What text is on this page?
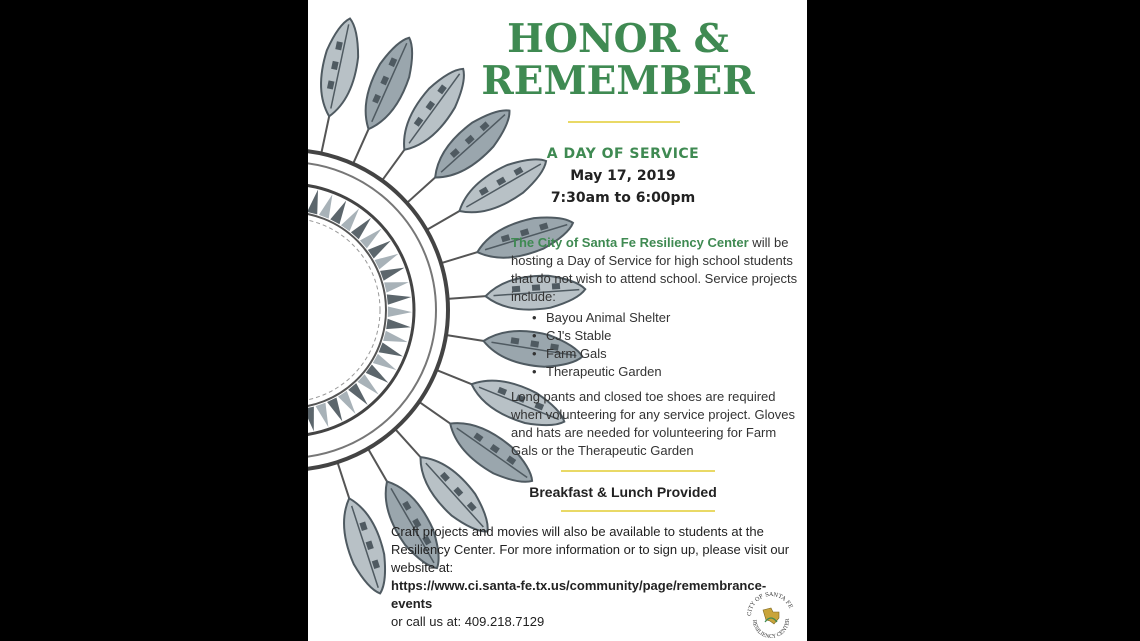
HONOR &
REMEMBER
A DAY OF SERVICE
May 17, 2019
7:30am to 6:00pm
The City of Santa Fe Resiliency Center will be hosting a Day of Service for high school students that do not wish to attend school. Service projects include:
• Bayou Animal Shelter
• CJ's Stable
• Farm Gals
• Therapeutic Garden
Long pants and closed toe shoes are required when volunteering for any service project. Gloves and hats are needed for volunteering for Farm Gals or the Therapeutic Garden
Breakfast & Lunch Provided
Craft projects and movies will also be available to students at the Resiliency Center. For more information or to sign up, please visit our website at:
https://www.ci.santa-fe.tx.us/community/page/remembrance-events
or call us at: 409.218.7129
CITY OF SANTA FE
RESILIENCY CENTER
